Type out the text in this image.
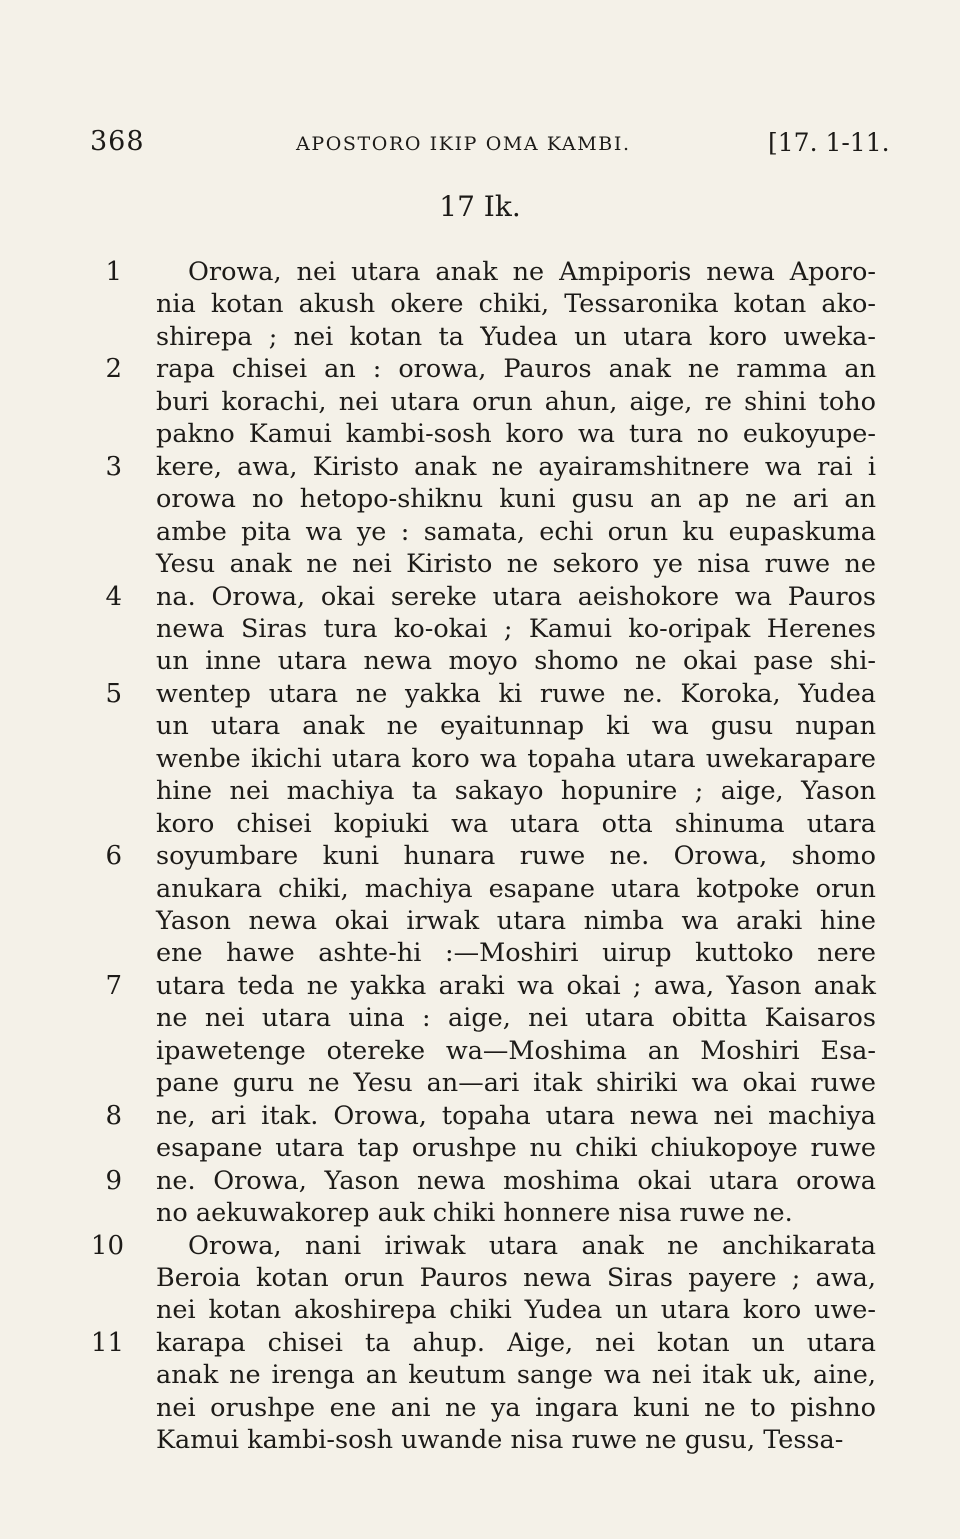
368	APOSTORO IKIP OMA KAMBI.	[17. 1-11.
17 Ik.
1
2
3
4
5
6
7
8
9
10
11
Orowa, nei utara anak ne Ampiporis newa Aporo-
nia kotan akush okere chiki, Tessaronika kotan ako-
shirepa ; nei kotan ta Yudea un utara koro uweka-
rapa chisei an : orowa, Pauros anak ne ramma an
buri korachi, nei utara orun ahun, aige, re shini toho
pakno Kamui kambi-sosh koro wa tura no eukoyupe-
kere, awa, Kiristo anak ne ayairamshitnere wa rai i
orowa no hetopo-shiknu kuni gusu an ap ne ari an
ambe pita wa ye : samata, echi orun ku eupaskuma
Yesu anak ne nei Kiristo ne sekoro ye nisa ruwe ne
na. Orowa, okai sereke utara aeishokore wa Pauros
newa Siras tura ko-okai ; Kamui ko-oripak Herenes
un inne utara newa moyo shomo ne okai pase shi-
wentep utara ne yakka ki ruwe ne. Koroka, Yudea
un utara anak ne eyaitunnap ki wa gusu nupan
wenbe ikichi utara koro wa topaha utara uwekarapare
hine nei machiya ta sakayo hopunire ; aige, Yason
koro chisei kopiuki wa utara otta shinuma utara
soyumbare kuni hunara ruwe ne. Orowa, shomo
anukara chiki, machiya esapane utara kotpoke orun
Yason newa okai irwak utara nimba wa araki hine
ene hawe ashte-hi :—Moshiri uirup kuttoko nere
utara teda ne yakka araki wa okai ; awa, Yason anak
ne nei utara uina : aige, nei utara obitta Kaisaros
ipawetenge otereke wa—Moshima an Moshiri Esa-
pane guru ne Yesu an—ari itak shiriki wa okai ruwe
ne, ari itak. Orowa, topaha utara newa nei machiya
esapane utara tap orushpe nu chiki chiukopoye ruwe
ne. Orowa, Yason newa moshima okai utara orowa
no aekuwakorep auk chiki honnere nisa ruwe ne.
Orowa, nani iriwak utara anak ne anchikarata
Beroia kotan orun Pauros newa Siras payere ; awa,
nei kotan akoshirepa chiki Yudea un utara koro uwe-
karapa chisei ta ahup. Aige, nei kotan un utara
anak ne irenga an keutum sange wa nei itak uk, aine,
nei orushpe ene ani ne ya ingara kuni ne to pishno
Kamui kambi-sosh uwande nisa ruwe ne gusu, Tessa-
